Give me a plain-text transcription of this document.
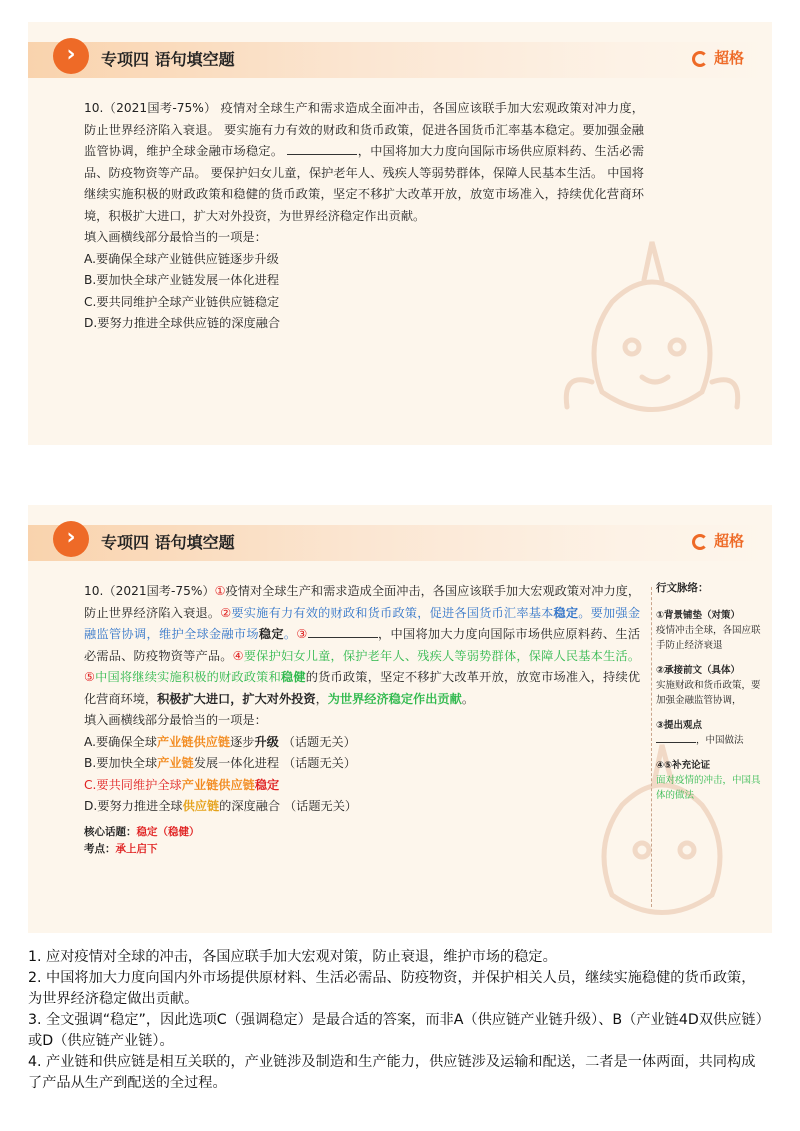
›	专项四 语句填空题	超格
10.（2021国考-75%） 疫情对全球生产和需求造成全面冲击，各国应该联手加大宏观政策对冲力度，防止世界经济陷入衰退。 要实施有力有效的财政和货币政策，促进各国货币汇率基本稳定。要加强金融监管协调，维护全球金融市场稳定。	，中国将加大力度向国际市场供应原料药、生活必需品、防疫物资等产品。 要保护妇女儿童，保护老年人、残疾人等弱势群体，保障人民基本生活。 中国将继续实施积极的财政政策和稳健的货币政策，坚定不移扩大改革开放，放宽市场准入，持续优化营商环境，积极扩大进口，扩大对外投资，为世界经济稳定作出贡献。
填入画横线部分最恰当的一项是：
A.要确保全球产业链供应链逐步升级
B.要加快全球产业链发展一体化进程
C.要共同维护全球产业链供应链稳定
D.要努力推进全球供应链的深度融合
›	专项四 语句填空题	超格
10.（2021国考-75%）①疫情对全球生产和需求造成全面冲击，各国应该联手加大宏观政策对冲力度，防止世界经济陷入衰退。②要实施有力有效的财政和货币政策，促进各国货币汇率基本稳定。要加强金融监管协调，维护全球金融市场稳定。③	，中国将加大力度向国际市场供应原料药、生活必需品、防疫物资等产品。④要保护妇女儿童，保护老年人、残疾人等弱势群体，保障人民基本生活。⑤中国将继续实施积极的财政政策和稳健的货币政策，坚定不移扩大改革开放，放宽市场准入，持续优化营商环境，积极扩大进口，扩大对外投资，为世界经济稳定作出贡献。
填入画横线部分最恰当的一项是：
A.要确保全球产业链供应链逐步升级 （话题无关）
B.要加快全球产业链发展一体化进程 （话题无关）
C.要共同维护全球产业链供应链稳定
D.要努力推进全球供应链的深度融合 （话题无关）
核心话题：稳定（稳健）
考点：承上启下
行文脉络：
①背景铺垫（对策）
疫情冲击全球，各国应联手防止经济衰退
②承接前文（具体）
实施财政和货币政策，要加强金融监管协调，
③提出观点
，中国做法
④⑤补充论证
面对疫情的冲击，中国具体的做法

1. 应对疫情对全球的冲击，各国应联手加大宏观对策，防止衰退，维护市场的稳定。

2. 中国将加大力度向国内外市场提供原材料、生活必需品、防疫物资，并保护相关人员，继续实施稳健的货币政策，为世界经济稳定做出贡献。

3. 全文强调“稳定”，因此选项C（强调稳定）是最合适的答案，而非A（供应链产业链升级）、B（产业链4D双供应链）或D（供应链产业链）。

4. 产业链和供应链是相互关联的，产业链涉及制造和生产能力，供应链涉及运输和配送，二者是一体两面，共同构成了产品从生产到配送的全过程。
